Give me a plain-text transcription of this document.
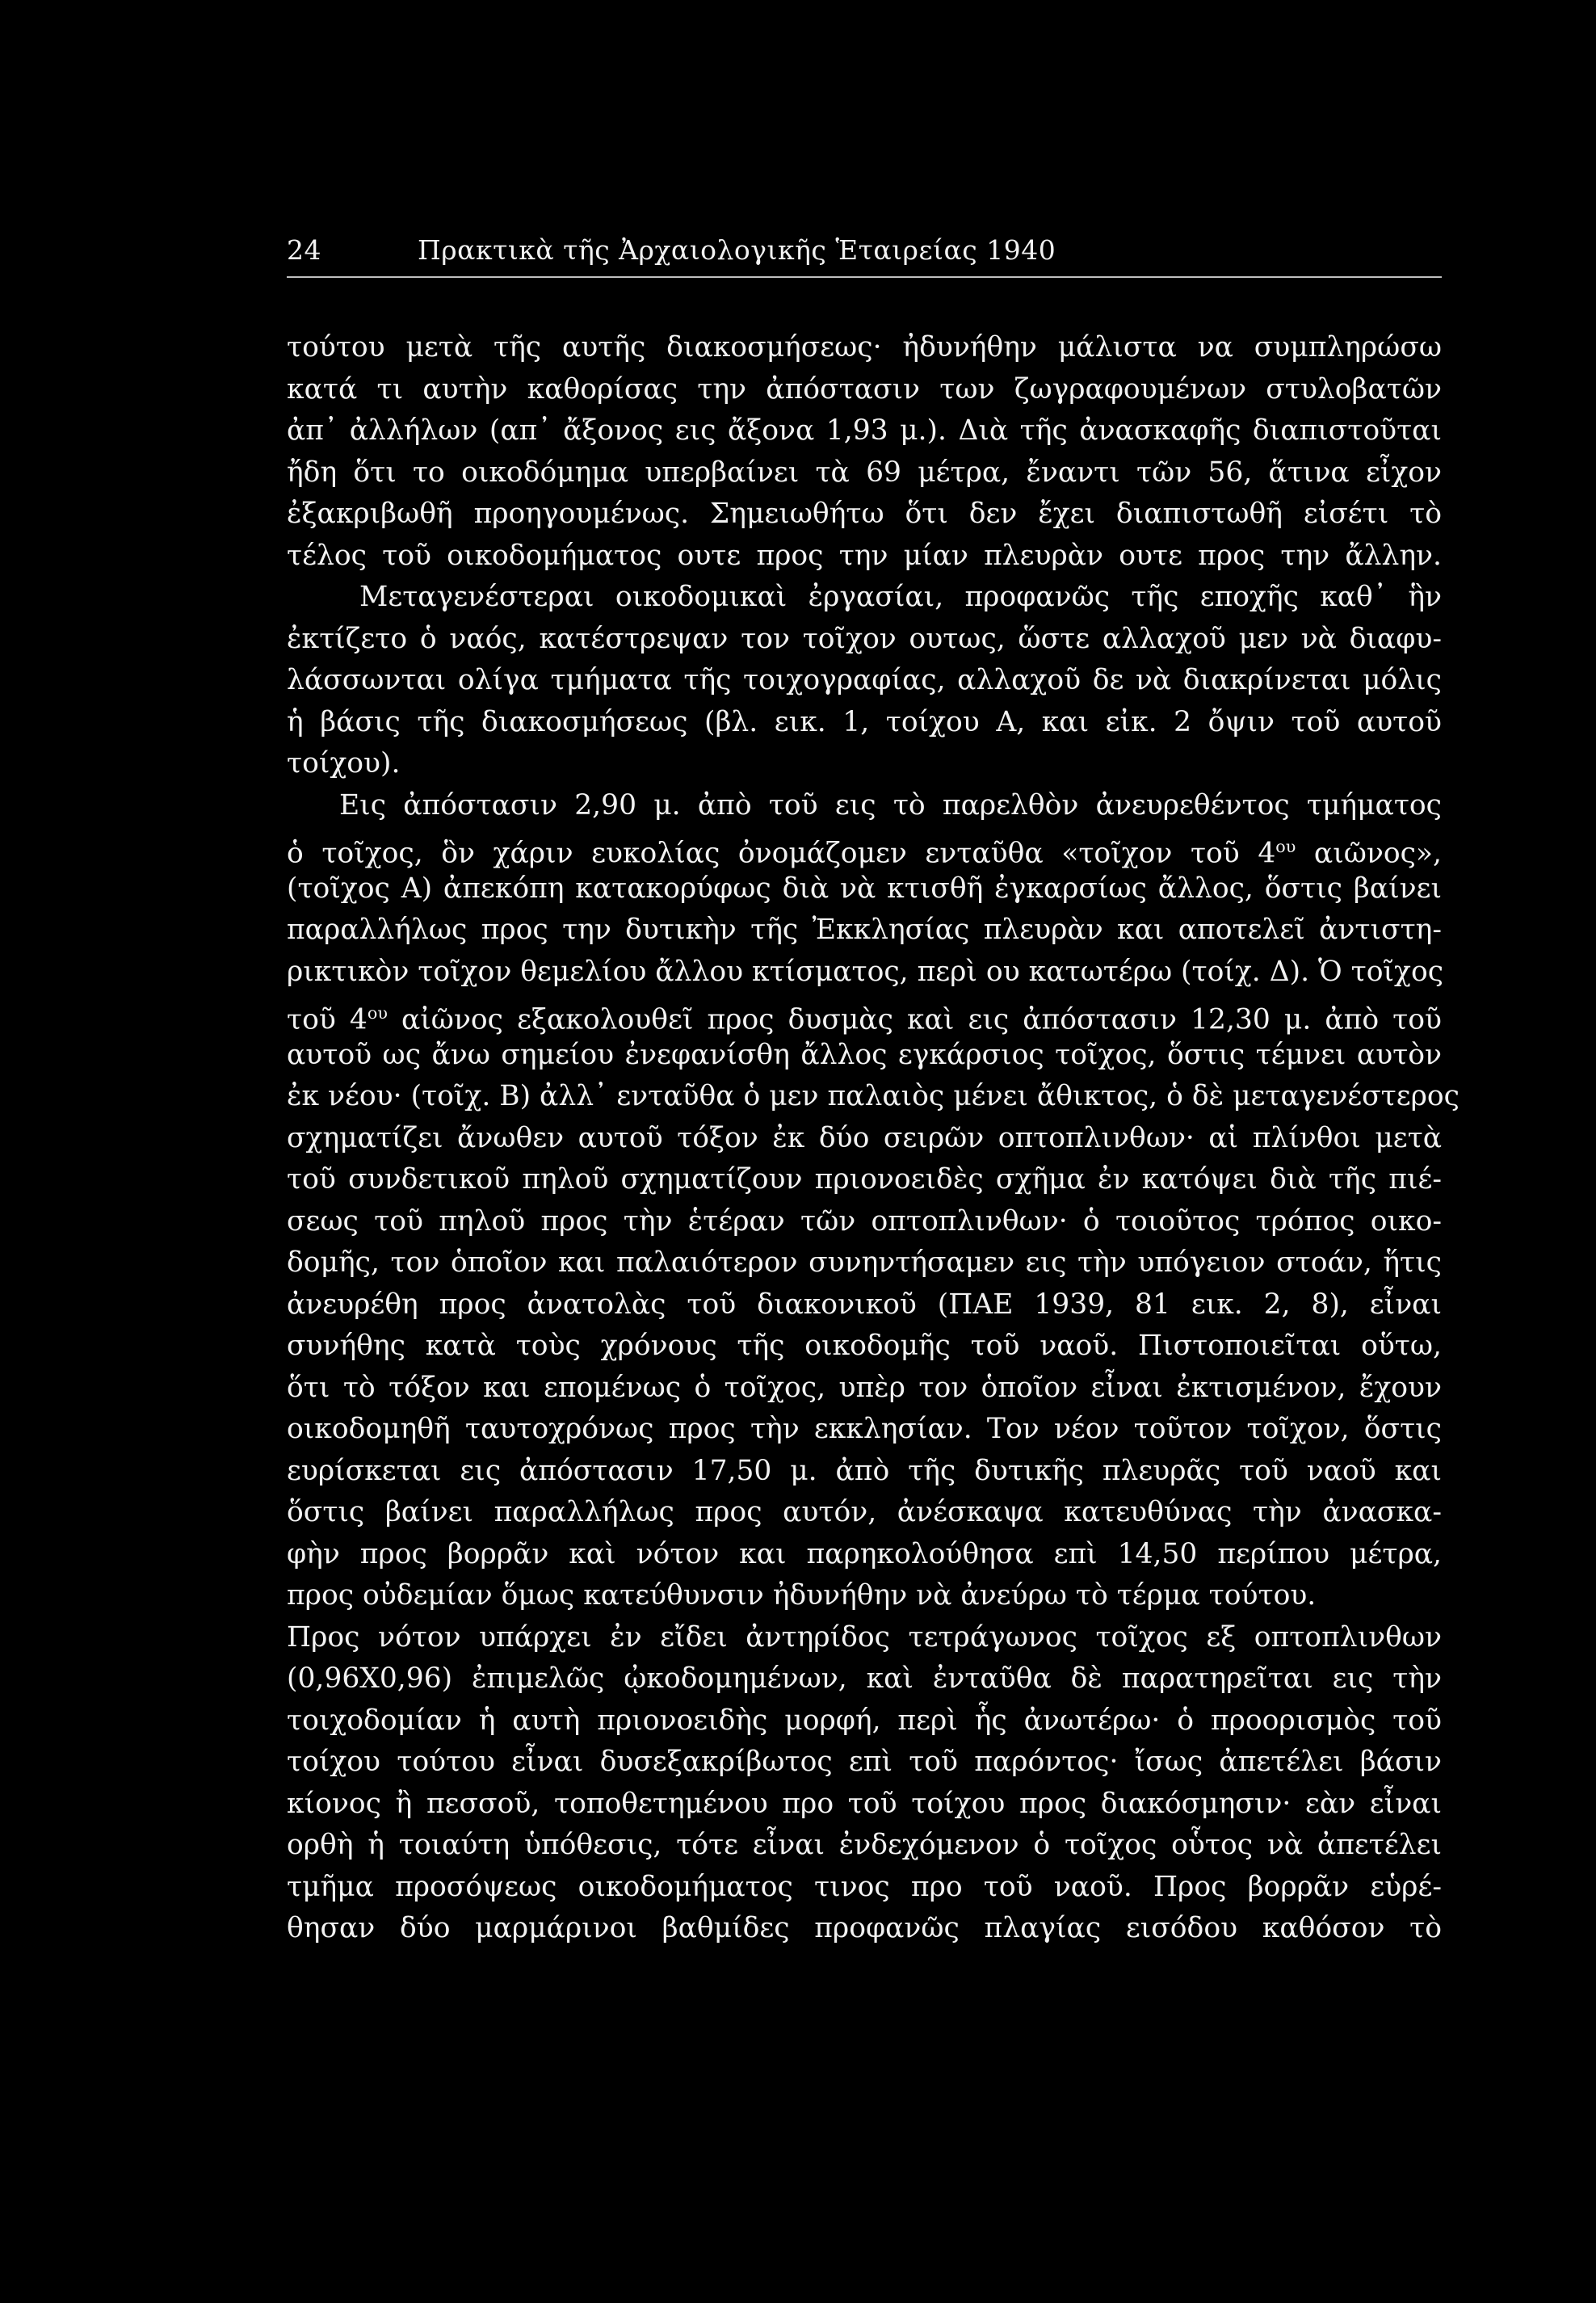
24	Πρακτικὰ τῆς Ἀρχαιολογικῆς Ἑταιρείας 1940
τούτου μετὰ τῆς αυτῆς διακοσμήσεως· ἠδυνήθην μάλιστα να συμπληρώσω
κατά τι αυτὴν καθορίσας την ἀπόστασιν των ζωγραφουμένων στυλοβατῶν
ἀπ᾽ ἀλλήλων (απ᾽ ἄξονος εις ἄξονα 1,93 μ.). Διὰ τῆς ἀνασκαφῆς διαπιστοῦται
ἤδη ὅτι το οικοδόμημα υπερβαίνει τὰ 69 μέτρα, ἔναντι τῶν 56, ἅτινα εἶχον
ἐξακριβωθῆ προηγουμένως. Σημειωθήτω ὅτι δεν ἔχει διαπιστωθῆ εἰσέτι τὸ
τέλος τοῦ οικοδομήματος ουτε προς την μίαν πλευρὰν ουτε προς την ἄλλην.
Μεταγενέστεραι οικοδομικαὶ ἐργασίαι, προφανῶς τῆς εποχῆς καθ᾽ ἣν
ἐκτίζετο ὁ ναός, κατέστρεψαν τον τοῖχον ουτως, ὥστε αλλαχοῦ μεν νὰ διαφυ-
λάσσωνται ολίγα τμήματα τῆς τοιχογραφίας, αλλαχοῦ δε νὰ διακρίνεται μόλις
ἡ βάσις τῆς διακοσμήσεως (βλ. εικ. 1, τοίχου Α, και εἰκ. 2 ὄψιν τοῦ αυτοῦ
τοίχου).
Εις ἀπόστασιν 2,90 μ. ἀπὸ τοῦ εις τὸ παρελθὸν ἀνευρεθέντος τμήματος
ὁ τοῖχος, ὃν χάριν ευκολίας ὀνομάζομεν ενταῦθα «τοῖχον τοῦ $4^{o\upsilon}$ αιῶνος»,
(τοῖχος Α) ἀπεκόπη κατακορύφως διὰ νὰ κτισθῆ ἐγκαρσίως ἄλλος, ὅστις βαίνει
παραλλήλως προς την δυτικὴν τῆς Ἐκκλησίας πλευρὰν και αποτελεῖ ἀντιστη-
ρικτικὸν τοῖχον θεμελίου ἄλλου κτίσματος, περὶ ου κατωτέρω (τοίχ. Δ). Ὁ τοῖχος
τοῦ $4^{o\upsilon}$ αἰῶνος εξακολουθεῖ προς δυσμὰς καὶ εις ἀπόστασιν 12,30 μ. ἀπὸ τοῦ
αυτοῦ ως ἄνω σημείου ἐνεφανίσθη ἄλλος εγκάρσιος τοῖχος, ὅστις τέμνει αυτὸν
ἐκ νέου· (τοῖχ. Β) ἀλλ᾽ ενταῦθα ὁ μεν παλαιὸς μένει ἄθικτος, ὁ δὲ μεταγενέστερος
σχηματίζει ἄνωθεν αυτοῦ τόξον ἐκ δύο σειρῶν οπτοπλινθων· αἱ πλίνθοι μετὰ
τοῦ συνδετικοῦ πηλοῦ σχηματίζουν πριονοειδὲς σχῆμα ἐν κατόψει διὰ τῆς πιέ-
σεως τοῦ πηλοῦ προς τὴν ἑτέραν τῶν οπτοπλινθων· ὁ τοιοῦτος τρόπος οικο-
δομῆς, τον ὁποῖον και παλαιότερον συνηντήσαμεν εις τὴν υπόγειον στοάν, ἥτις
ἀνευρέθη προς ἀνατολὰς τοῦ διακονικοῦ (ΠΑΕ 1939, 81 εικ. 2, 8), εἶναι
συνήθης κατὰ τοὺς χρόνους τῆς οικοδομῆς τοῦ ναοῦ. Πιστοποιεῖται οὕτω,
ὅτι τὸ τόξον και επομένως ὁ τοῖχος, υπὲρ τον ὁποῖον εἶναι ἐκτισμένον, ἔχουν
οικοδομηθῆ ταυτοχρόνως προς τὴν εκκλησίαν. Τον νέον τοῦτον τοῖχον, ὅστις
ευρίσκεται εις ἀπόστασιν 17,50 μ. ἀπὸ τῆς δυτικῆς πλευρᾶς τοῦ ναοῦ και
ὅστις βαίνει παραλλήλως προς αυτόν, ἀνέσκαψα κατευθύνας τὴν ἀνασκα-
φὴν προς βορρᾶν καὶ νότον και παρηκολούθησα επὶ 14,50 περίπου μέτρα,
προς οὐδεμίαν ὅμως κατεύθυνσιν ἠδυνήθην νὰ ἀνεύρω τὸ τέρμα τούτου.
Προς νότον υπάρχει ἐν εἴδει ἀντηρίδος τετράγωνος τοῖχος εξ οπτοπλινθων
(0,96X0,96) ἐπιμελῶς ᾠκοδομημένων, καὶ ἐνταῦθα δὲ παρατηρεῖται εις τὴν
τοιχοδομίαν ἡ αυτὴ πριονοειδὴς μορφή, περὶ ἧς ἀνωτέρω· ὁ προορισμὸς τοῦ
τοίχου τούτου εἶναι δυσεξακρίβωτος επὶ τοῦ παρόντος· ἴσως ἀπετέλει βάσιν
κίονος ἢ πεσσοῦ, τοποθετημένου προ τοῦ τοίχου προς διακόσμησιν· εὰν εἶναι
ορθὴ ἡ τοιαύτη ὑπόθεσις, τότε εἶναι ἐνδεχόμενον ὁ τοῖχος οὗτος νὰ ἀπετέλει
τμῆμα προσόψεως οικοδομήματος τινος προ τοῦ ναοῦ. Προς βορρᾶν εὑρέ-
θησαν δύο μαρμάρινοι βαθμίδες προφανῶς πλαγίας εισόδου καθόσον τὸ
